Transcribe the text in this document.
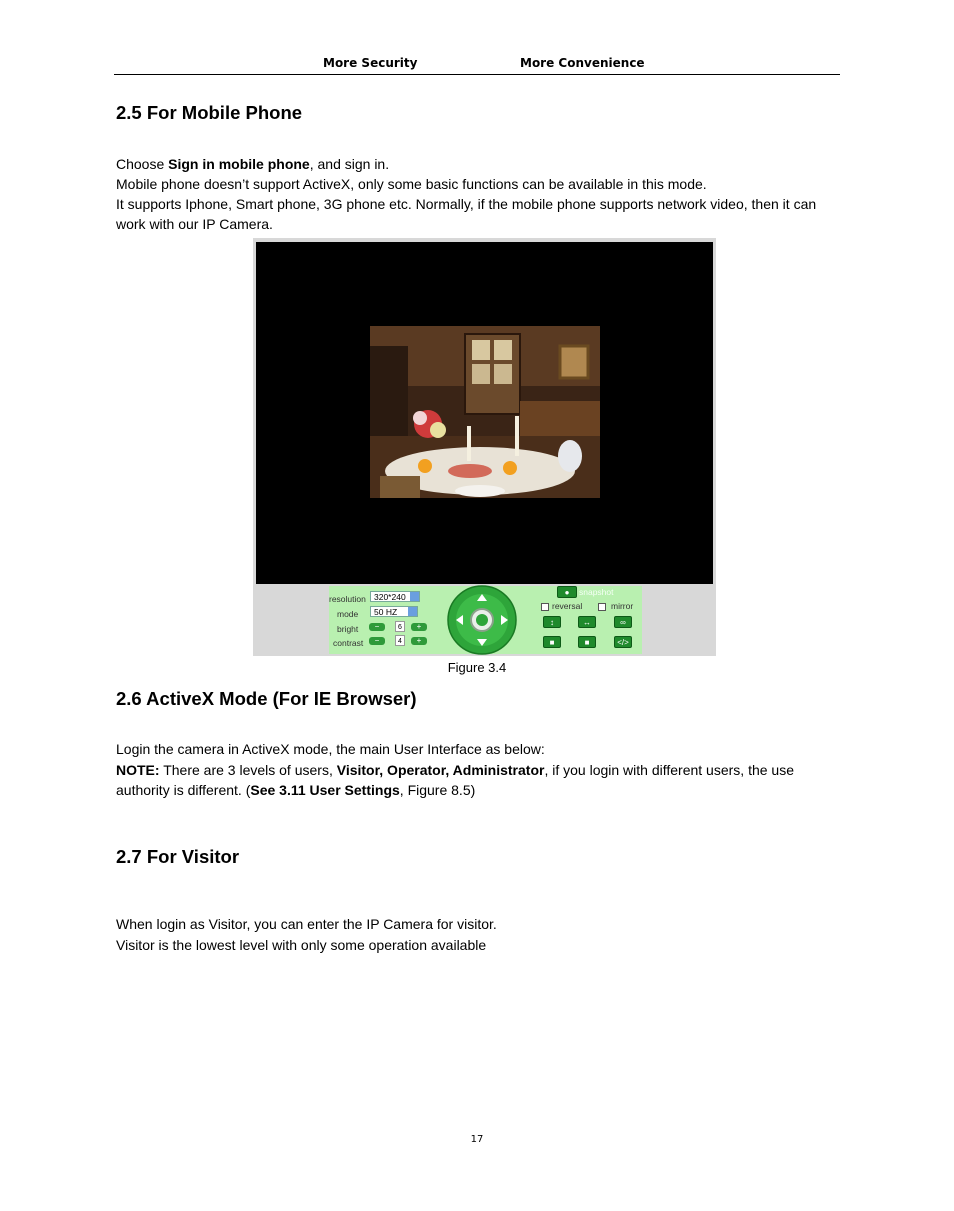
More Security	More Convenience
2.5 For Mobile Phone

Choose Sign in mobile phone, and sign in.

Mobile phone doesn’t support ActiveX, only some basic functions can be available in this mode.

It supports Iphone, Smart phone, 3G phone etc. Normally, if the mobile phone supports network video, then it can work with our IP Camera.

resolution 320*240
mode	50 HZ
bright	−	6	+
contrast	−	4	+
●	snapshot
reversal	mirror
↕	↔	∞
■	■	</>
Figure 3.4
2.6 ActiveX Mode (For IE Browser)

Login the camera in ActiveX mode, the main User Interface as below:

NOTE: There are 3 levels of users, Visitor, Operator, Administrator, if you login with different users, the use authority is different. (See 3.11 User Settings, Figure 8.5)

2.7 For Visitor

When login as Visitor, you can enter the IP Camera for visitor.

Visitor is the lowest level with only some operation available

17
